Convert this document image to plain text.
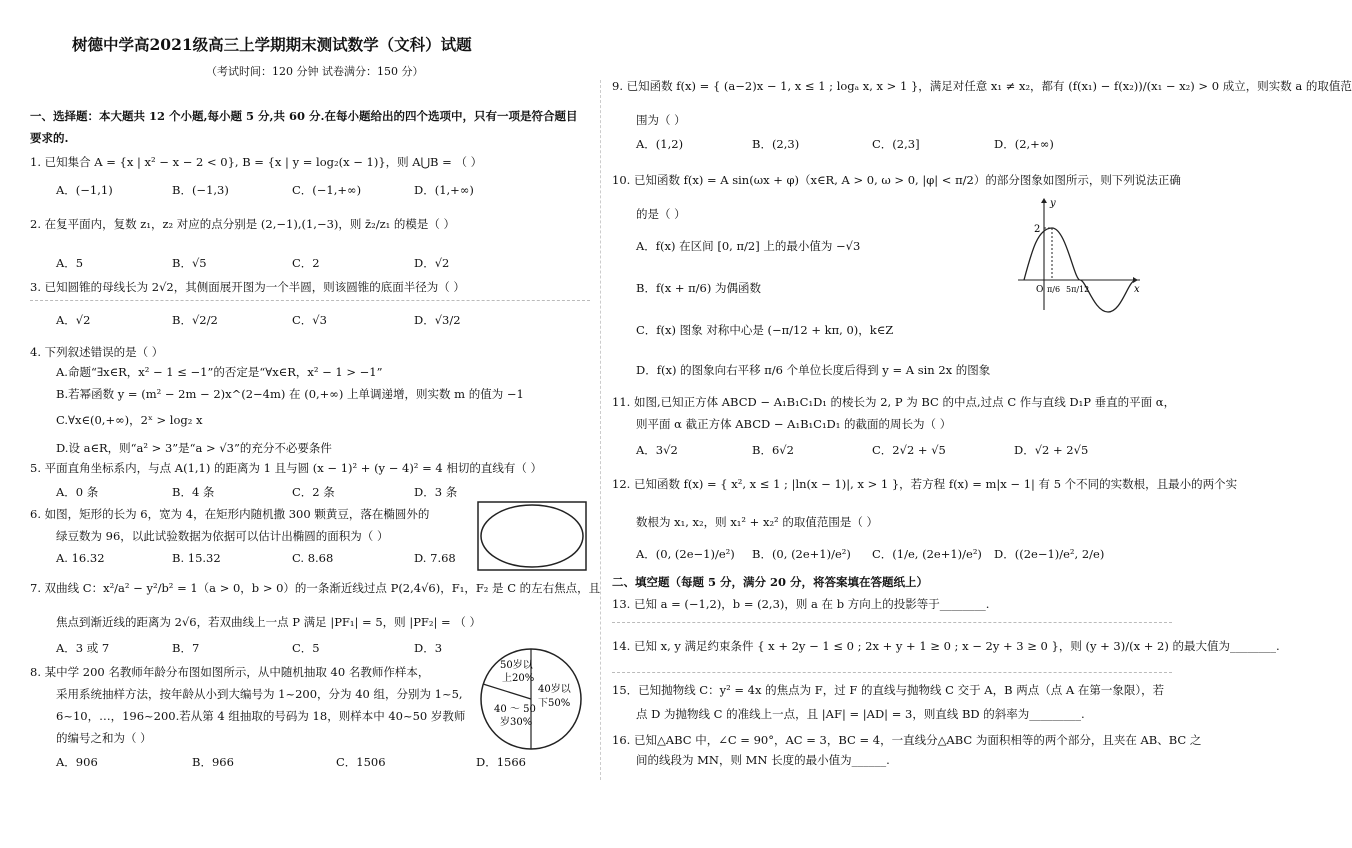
树德中学高2021级高三上学期期末测试数学（文科）试题
（考试时间：120 分钟 试卷满分：150 分）
一、选择题：本大题共 12 个小题,每小题 5 分,共 60 分.在每小题给出的四个选项中，只有一项是符合题目
要求的.
1. 已知集合 A = {x | x² − x − 2 < 0}, B = {x | y = log₂(x − 1)}，则 A⋃B = （ ）
A．(−1,1)	B．(−1,3)	C．(−1,+∞)	D．(1,+∞)
2. 在复平面内，复数 z₁，z₂ 对应的点分别是 (2,−1),(1,−3)，则 z̄₂/z₁ 的模是（ ）
A．5	B．√5	C．2	D．√2
3. 已知圆锥的母线长为 2√2，其侧面展开图为一个半圆，则该圆锥的底面半径为（ ）
A．√2	B．√2/2	C．√3	D．√3/2
4. 下列叙述错误的是（ ）
A.命题“∃x∈R，x² − 1 ≤ −1”的否定是“∀x∈R，x² − 1 > −1”
B.若幂函数 y = (m² − 2m − 2)x^(2−4m) 在 (0,+∞) 上单调递增，则实数 m 的值为 −1
C.∀x∈(0,+∞)，2ˣ > log₂ x
D.设 a∈R，则“a² > 3”是“a > √3”的充分不必要条件
5. 平面直角坐标系内，与点 A(1,1) 的距离为 1 且与圆 (x − 1)² + (y − 4)² = 4 相切的直线有（ ）
A．0 条	B．4 条	C．2 条	D．3 条
6. 如图，矩形的长为 6，宽为 4，在矩形内随机撒 300 颗黄豆，落在椭圆外的
绿豆数为 96，以此试验数据为依据可以估计出椭圆的面积为（ ）
A. 16.32	B. 15.32	C. 8.68	D. 7.68
7. 双曲线 C：x²/a² − y²/b² = 1（a > 0，b > 0）的一条渐近线过点 P(2,4√6)，F₁，F₂ 是 C 的左右焦点，且
焦点到渐近线的距离为 2√6，若双曲线上一点 P 满足 |PF₁| = 5，则 |PF₂| = （ ）
A．3 或 7	B．7	C．5	D．3
8. 某中学 200 名教师年龄分布图如图所示，从中随机抽取 40 名教师作样本，
采用系统抽样方法，按年龄从小到大编号为 1~200，分为 40 组，分别为 1~5,
6~10，…，196~200.若从第 4 组抽取的号码为 18，则样本中 40~50 岁教师
的编号之和为（ ）
A．906	B．966	C．1506	D．1566
50岁以
上20%
40 ～ 50
岁30%
40岁以
下50%
9. 已知函数 f(x) = { (a−2)x − 1, x ≤ 1 ; logₐ x, x > 1 }，满足对任意 x₁ ≠ x₂，都有 (f(x₁) − f(x₂))/(x₁ − x₂) > 0 成立，则实数 a 的取值范
围为（ ）
A．(1,2)	B．(2,3)	C．(2,3]	D．(2,+∞)
10. 已知函数 f(x) = A sin(ωx + φ)（x∈R, A > 0, ω > 0, |φ| < π/2）的部分图象如图所示，则下列说法正确
的是（ ）
A．f(x) 在区间 [0, π/2] 上的最小值为 −√3
B．f(x + π/6) 为偶函数
C．f(x) 图象 对称中心是 (−π/12 + kπ, 0)，k∈Z
D．f(x) 的图象向右平移 π/6 个单位长度后得到 y = A sin 2x 的图象
y
x
2
O π/6 5π/12
11. 如图,已知正方体 ABCD − A₁B₁C₁D₁ 的棱长为 2, P 为 BC 的中点,过点 C 作与直线 D₁P 垂直的平面 α，
则平面 α 截正方体 ABCD − A₁B₁C₁D₁ 的截面的周长为（ ）
A．3√2	B．6√2	C．2√2 + √5	D．√2 + 2√5
12. 已知函数 f(x) = { x², x ≤ 1 ; |ln(x − 1)|, x > 1 }，若方程 f(x) = m|x − 1| 有 5 个不同的实数根，且最小的两个实
数根为 x₁, x₂，则 x₁² + x₂² 的取值范围是（ ）
A．(0, (2e−1)/e²) B．(0, (2e+1)/e²) C．(1/e, (2e+1)/e²) D．((2e−1)/e², 2/e)
二、填空题（每题 5 分，满分 20 分，将答案填在答题纸上）
13. 已知 a = (−1,2)，b = (2,3)，则 a 在 b 方向上的投影等于________.
14. 已知 x, y 满足约束条件 { x + 2y − 1 ≤ 0 ; 2x + y + 1 ≥ 0 ; x − 2y + 3 ≥ 0 }，则 (y + 3)/(x + 2) 的最大值为________.
15．已知抛物线 C：y² = 4x 的焦点为 F，过 F 的直线与抛物线 C 交于 A，B 两点（点 A 在第一象限），若
点 D 为抛物线 C 的准线上一点，且 |AF| = |AD| = 3，则直线 BD 的斜率为_________.
16. 已知△ABC 中，∠C = 90°，AC = 3，BC = 4，一直线分△ABC 为面积相等的两个部分，且夹在 AB、BC 之
间的线段为 MN，则 MN 长度的最小值为______.
